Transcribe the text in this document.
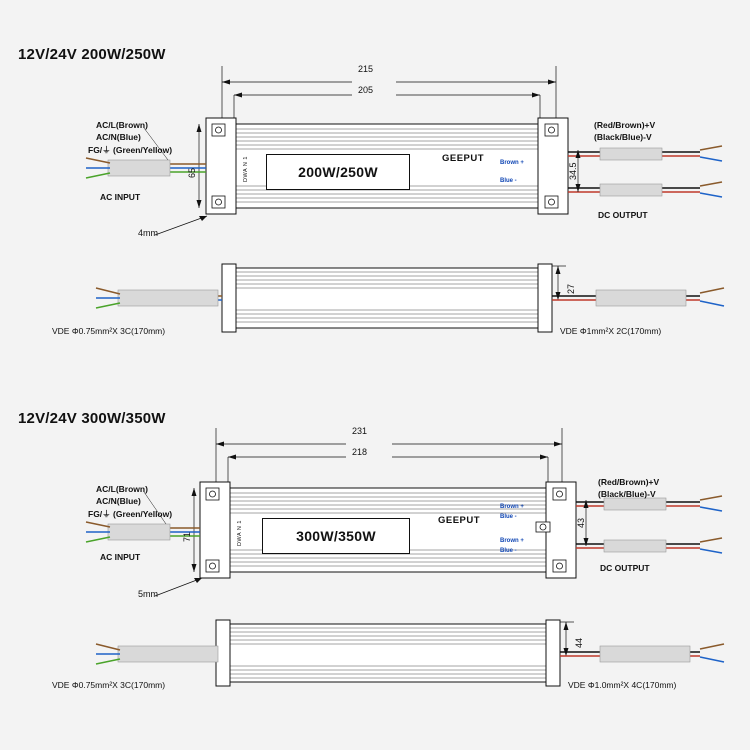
12V/24V 200W/250W
215
205
65
4mm
34.5
27
AC/L(Brown)
AC/N(Blue)
FG/⏚ (Green/Yellow)
AC INPUT
(Red/Brown)+V
(Black/Blue)-V
DC OUTPUT
200W/250W
GEEPUT
DWA N 1	Brown +
Blue -
VDE Φ0.75mm²X 3C(170mm)	VDE Φ1mm²X 2C(170mm)
12V/24V 300W/350W
231
218
71
5mm
43
44
AC/L(Brown)
AC/N(Blue)
FG/⏚ (Green/Yellow)
AC INPUT
(Red/Brown)+V
(Black/Blue)-V
DC OUTPUT
300W/350W
GEEPUT
DWA N 1
Brown +
Blue -
Brown +
Blue -
VDE Φ0.75mm²X 3C(170mm)	VDE Φ1.0mm²X 4C(170mm)
